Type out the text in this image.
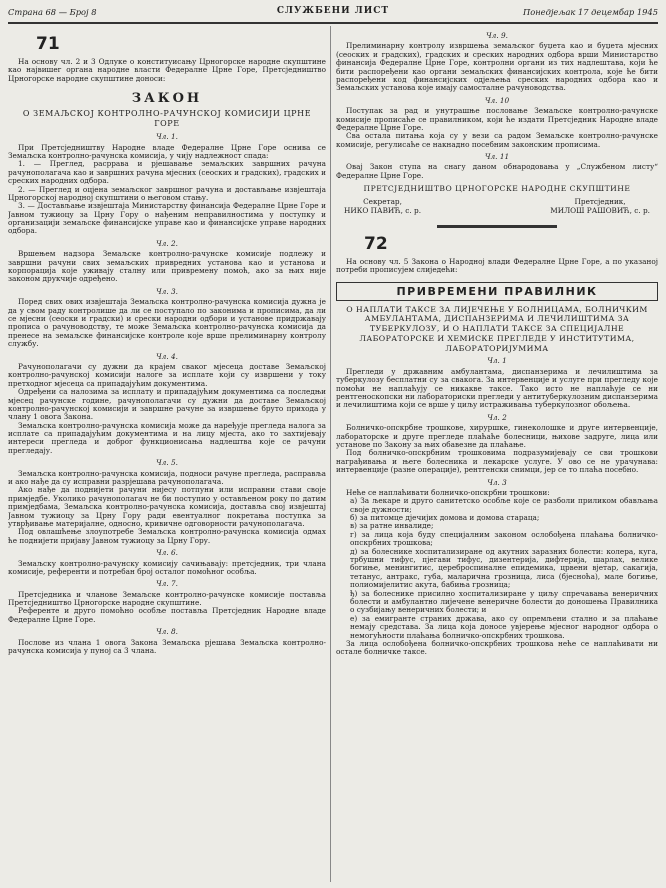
Страна 68 — Број 8	СЛУЖБЕНИ ЛИСТ	Понедјељак 17 децембар 1945
71

На основу чл. 2 и 3 Одлуке о конституисању Црногорске народне скупштине као највишег органа народне власти Федералне Црне Горе, Претсједништво Црногорске народне скупштине доноси:

ЗАКОН
О ЗЕМАЉСКОЈ КОНТРОЛНО-РАЧУНСКОЈ КОМИСИЈИ ЦРНЕ ГОРЕ

Чл. 1.

При Претсједништву Народне владе Федералне Црне Горе оснива се Земаљска контролно-рачунска комисија, у чију надлежност спада:

1. — Преглед, расррава и рјешавање земаљских завршних рачуна рачунополагача као и завршних рачуна мјесних (сеоских и градских), градских и среских народних одбора.

2. — Преглед и оцјена земаљског завршног рачуна и достављање извјештаја Црногорској народној скупштини о његовом стању.

3. — Достављање извјештаја Министарству финансија Федералне Црне Горе и Јавном тужиоцу за Црну Гору о нађеним неправилностима у поступку и организацији земаљске финансијске управе као и финансијске управе народних одбора.

Чл. 2.

Вршењем надзора Земаљске контролно-рачунске комисије подлежу и завршни рачуни свих земаљских привредних установа као и установа и корпорација које уживају сталну или привремену помоћ, ако за њих није законом друкчије одређено.

Чл. 3.

Поред свих ових извјештаја Земаљска контролно-рачунска комисија дужна је да у свом раду контролише да ли се поступало по законима и прописима, да ли се мјесни (сеоски и градски) и срески народни одбори и установе придржавају прописа о рачуноводству, те може Земаљска контролно-рачунска комисија да пренесе на земаљске финансијске контроле које врше прелиминарну контролу службу.

Чл. 4.

Рачунополагачи су дужни да крајем сваког мјесеца доставе Земаљској контролно-рачунској комисији налоге за исплате који су извршени у току претходног мјесеца са припадајућим документима.

Одређени са налозима за исплату и припадајућим документима са последњи мјесец рачунске године, рачунополагачи су дужни да доставе Земаљској контролно-рачунској комисији и завршне рачуне за извршење бруто прихода у члану 1 овога Закона.

Земаљска контролно-рачунска комисија може да наређује прегледа налога за исплате са припадајућим документима и на лицу мјеста, ако то захтијевају интереси прегледа и доброг функционисања надлештва које се рачуни прегледају.

Чл. 5.

Земаљска контролно-рачунска комисија, подноси рачуне прегледа, расправља и ако нађе да су исправни разрјешава рачунополагача.

Ако нађе да поднијети рачуни нијесу потпуни или исправни стави своје примједбе. Уколико рачунополагач не би поступио у остављеном року по датим примједбама, Земаљска контролно-рачунска комисија, доставља свој извјештај Јавном тужиоцу за Црну Гору ради евентуалног покретања поступка за утврђивање материјалне, односно, кривичне одговорности рачунополагача.

Под овлашћење злоупотребе Земаљска контролно-рачунска комисија одмах ће поднијети пријаву Јавном тужиоцу за Црну Гору.

Чл. 6.

Земаљску контролно-рачунску комисију сачињавају: претсједник, три члана комисије, референти и потребан број осталог помоћног особља.

Чл. 7.

Претсједника и чланове Земаљске контролно-рачунске комисије поставља Претсједништво Црногорске народне скупштине.

Референте и друго помоћно особље поставља Претсједник Народне владе Федералне Црне Горе.

Чл. 8.

Послове из члана 1 овога Закона Земаљска рјешава Земаљска контролно-рачунска комисија у пуној са 3 члана.

Чл. 9.

Прелиминарну контролу извршења земаљског буџета као и буџета мјесних (сеоских и градских), градских и среских народних одбора врши Министарство финансија Федералне Црне Горе, контролни органи из тих надлештава, који ће бити распоређени као органи земаљских финансијских контрола, које ће бити распоређени код финансијских одјељења среских народних одбора као и Земаљских установа које имају самосталне рачуноводства.

Чл. 10

Поступак за рад и унутрашње пословање Земаљске контролно-рачунске комисије прописаће се правилником, који ће издати Претсједник Народне владе Федералне Црне Горе.

Сва остала питања која су у вези са радом Земаљске контролно-рачунске комисије, регулисаће се накнадно посебним законским прописима.

Чл. 11

Овај Закон ступа на снагу даном обнародовања у „Службеном листу“ Федералне Црне Горе.

ПРЕТСЈЕДНИШТВО ЦРНОГОРСКЕ НАРОДНЕ СКУПШТИНЕ

Секретар,
НИКО ПАВИЋ, с. р.
Претсједник,
МИЛОШ РАШОВИЋ, с. р.
72

На основу чл. 5 Закона о Народној влади Федералне Црне Горе, а по указаној потреби прописујем слиједећи:

ПРИВРЕМЕНИ ПРАВИЛНИК

О НАПЛАТИ ТАКСЕ ЗА ЛИЈЕЧЕЊЕ У БОЛНИЦАМА, БОЛНИЧКИМ АМБУЛАНТАМА, ДИСПАНЗЕРИМА И ЛЕЧИЛИШТИМА ЗА ТУБЕРКУЛОЗУ, И О НАПЛАТИ ТАКСЕ ЗА СПЕЦИЈАЛНЕ ЛАБОРАТОРСКЕ И ХЕМИСКЕ ПРЕГЛЕДЕ У ИНСТИТУТИМА, ЛАБОРАТОРИЈУМИМА

Чл. 1

Прегледи у државним амбулантама, диспанзерима и лечилиштима за туберкулозу бесплатни су за свакога. За интервенције и услуге при прегледу које помоћи не наплаћују се никакве таксе. Тако исто не наплаћује се ни рентгеноскопски ни лабораториски прегледи у антитуберкулозним диспанзерима и лечилиштима који се врше у циљу истраживања туберкулозног обољења.

Чл. 2

Болничко-опскрбне трошкове, хируршке, гинеколошке и друге интервенције, лабораторске и друге прегледе плаћаће болесници, њихове задруге, лица или установе по Закону за њих обавезне да плаћање.

Под болничко-опскрбним трошковима подразумијевају се сви трошкови награђивања и његе болесника и лекарске услуге. У ово се не урачунава: интервенције (разне операције), рентгенски снимци, јер се то плаћа посебно.

Чл. 3

Неће се наплаћивати болничко-опскрбни трошкови:

а) За љекаре и друго санитетско особље које се разболи приликом обављања своје дужности;

б) за питомце дјечијих домова и домова стараца;

в) за ратне инвалиде;

г) за лица која буду специјалним законом ослобођена плаћања болничко-опскрбних трошкова;

д) за болеснике хоспитализиране од акутних заразних болести: колера, куга, трбушни тифус, пјегави тифус, дизентерија, дифтерија, шарлах, велике богиње, менингитис, цереброспиналне епидемика, црвени вјетар, сакагија, тетанус, антракс, губа, маларична грозница, лиса (бјесноћа), мале богиње, полиомијелитис акута, бабиња грозница;

ђ) за болеснике присилно хоспитализиране у циљу спречавања венеричних болести и амбулантно лијечене венеричне болести до доношења Правилника о сузбијању венеричних болести; и

е) за емигранте страних држава, ако су опремљени стално и за плаћање немају средстава. За лица која доносе увјерење мјесног народног одбора о немогућности плаћања болничко-опскрбних трошкова.

За лица ослобођена болничко-опскрбних трошкова неће се наплаћивати ни остале болничке таксе.
